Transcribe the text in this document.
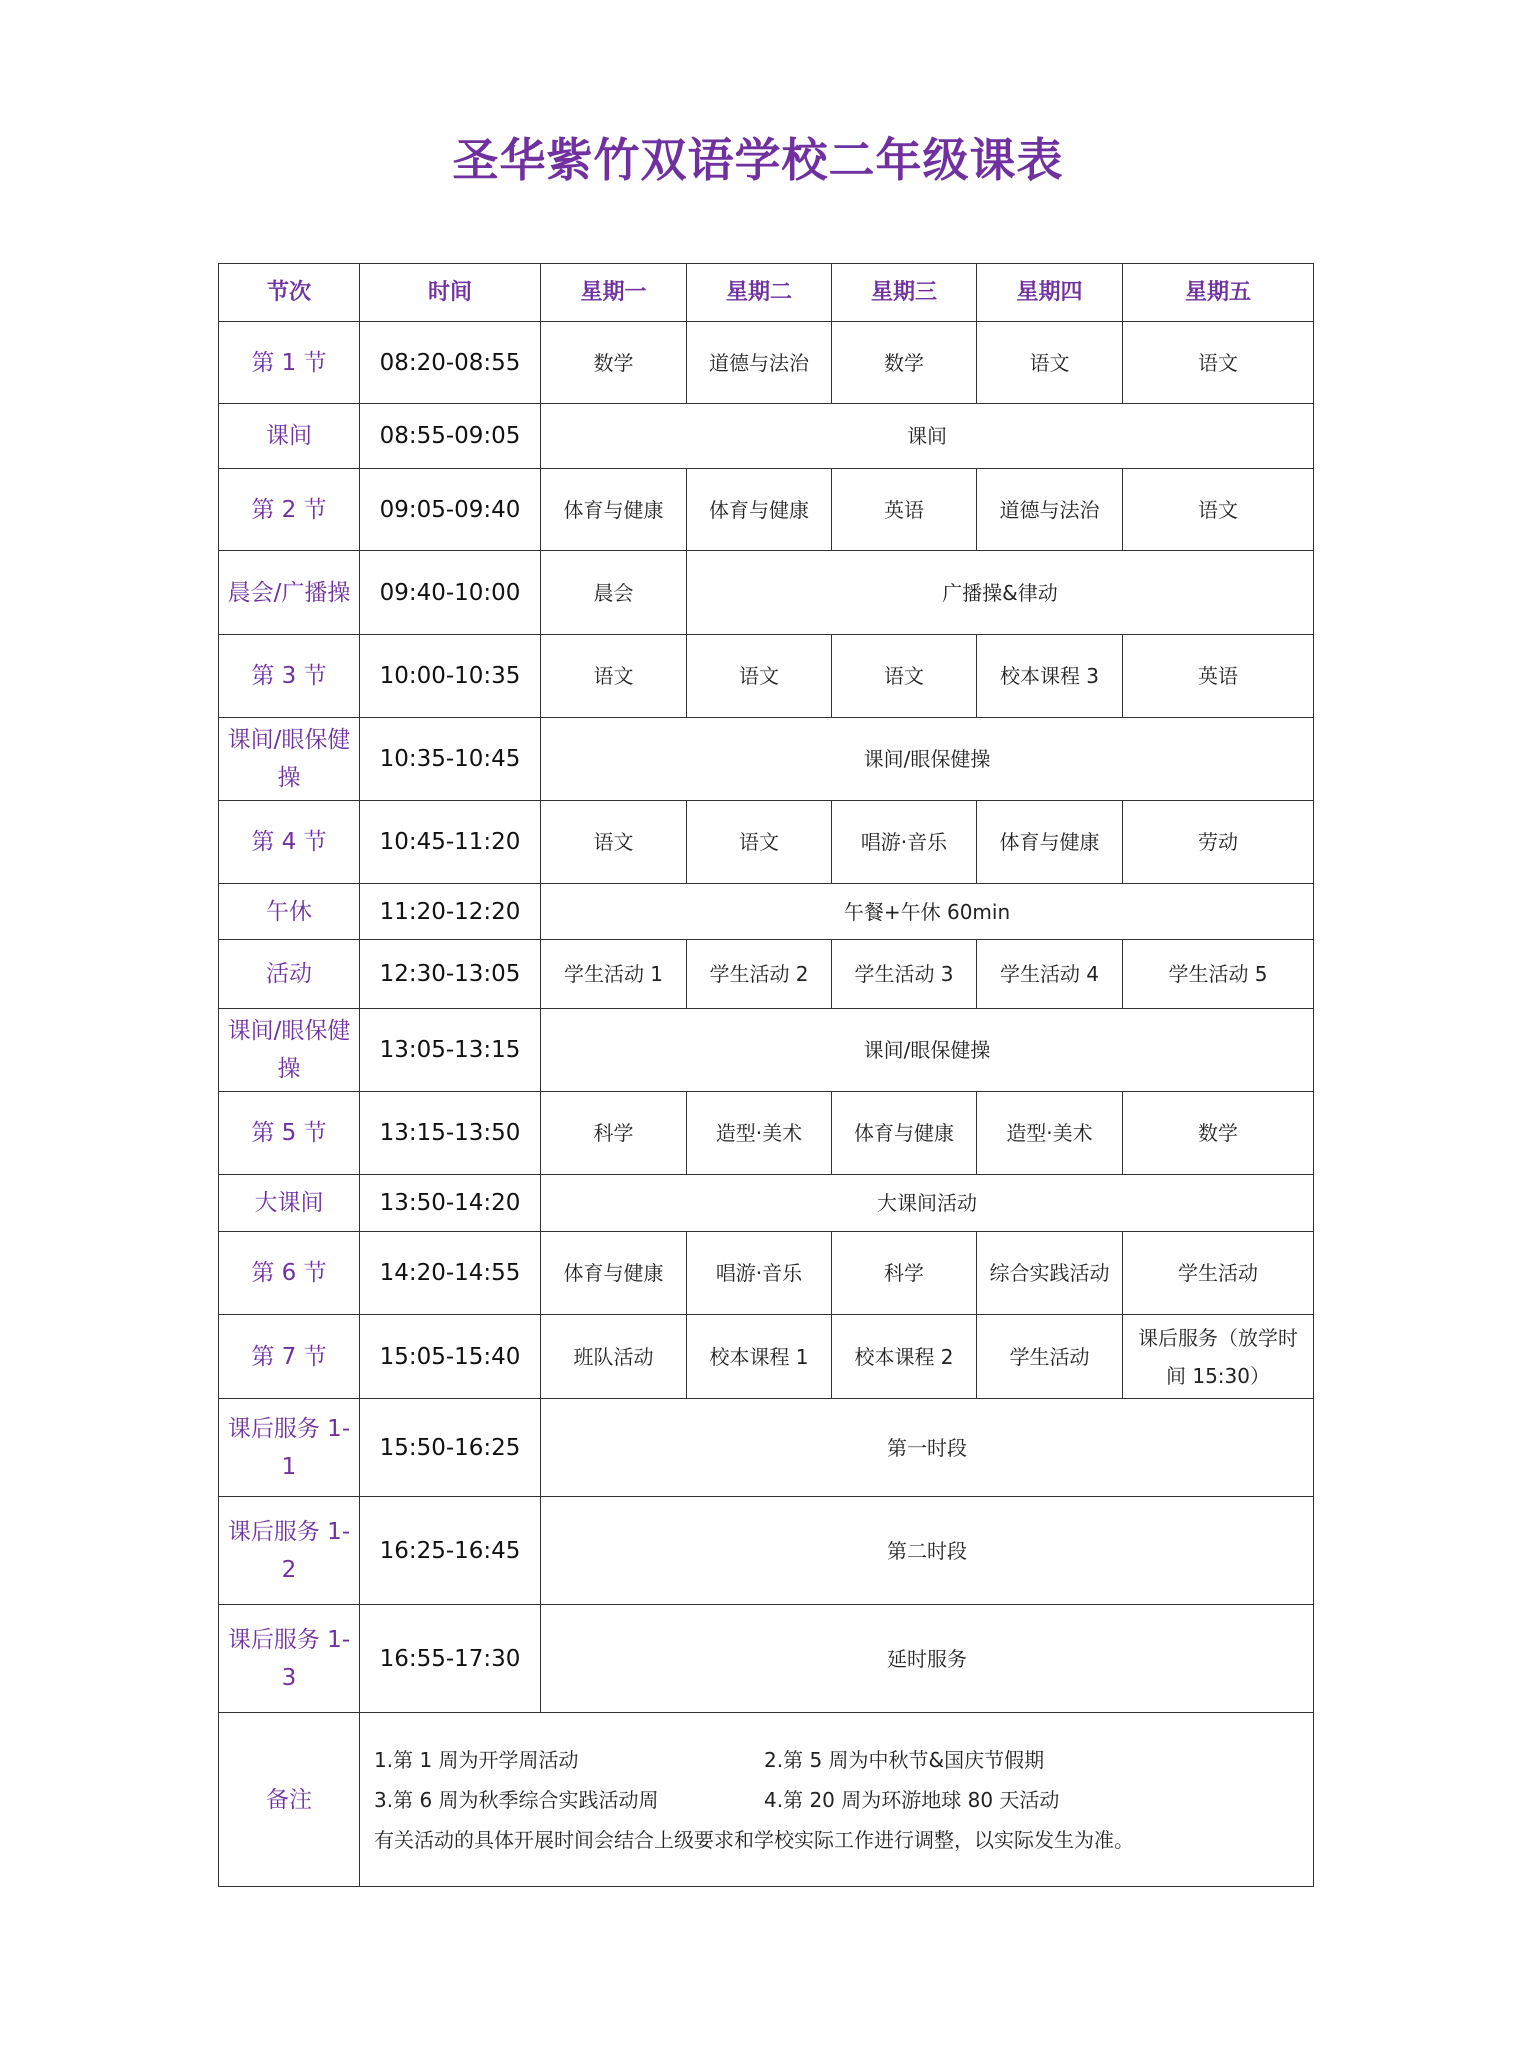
圣华紫竹双语学校二年级课表
节次	时间	星期一	星期二	星期三	星期四	星期五
第 1 节	08:20-08:55	数学	道德与法治	数学	语文	语文
课间	08:55-09:05	课间				
第 2 节	09:05-09:40	体育与健康	体育与健康	英语	道德与法治	语文
晨会/广播操	09:40-10:00	晨会	广播操&律动			
第 3 节	10:00-10:35	语文	语文	语文	校本课程 3	英语
课间/眼保健操	10:35-10:45	课间/眼保健操				
第 4 节	10:45-11:20	语文	语文	唱游·音乐	体育与健康	劳动
午休	11:20-12:20	午餐+午休 60min				
活动	12:30-13:05	学生活动 1	学生活动 2	学生活动 3	学生活动 4	学生活动 5
课间/眼保健操	13:05-13:15	课间/眼保健操				
第 5 节	13:15-13:50	科学	造型·美术	体育与健康	造型·美术	数学
大课间	13:50-14:20	大课间活动				
第 6 节	14:20-14:55	体育与健康	唱游·音乐	科学	综合实践活动	学生活动
第 7 节	15:05-15:40	班队活动	校本课程 1	校本课程 2	学生活动	课后服务（放学时间 15:30）
课后服务 1-1	15:50-16:25	第一时段				
课后服务 1-2	16:25-16:45	第二时段				
课后服务 1-3	16:55-17:30	延时服务				
备注	1.第 1 周为开学周活动 2.第 5 周为中秋节&国庆节假期
3.第 6 周为秋季综合实践活动周 4.第 20 周为环游地球 80 天活动
有关活动的具体开展时间会结合上级要求和学校实际工作进行调整，以实际发生为准。					
